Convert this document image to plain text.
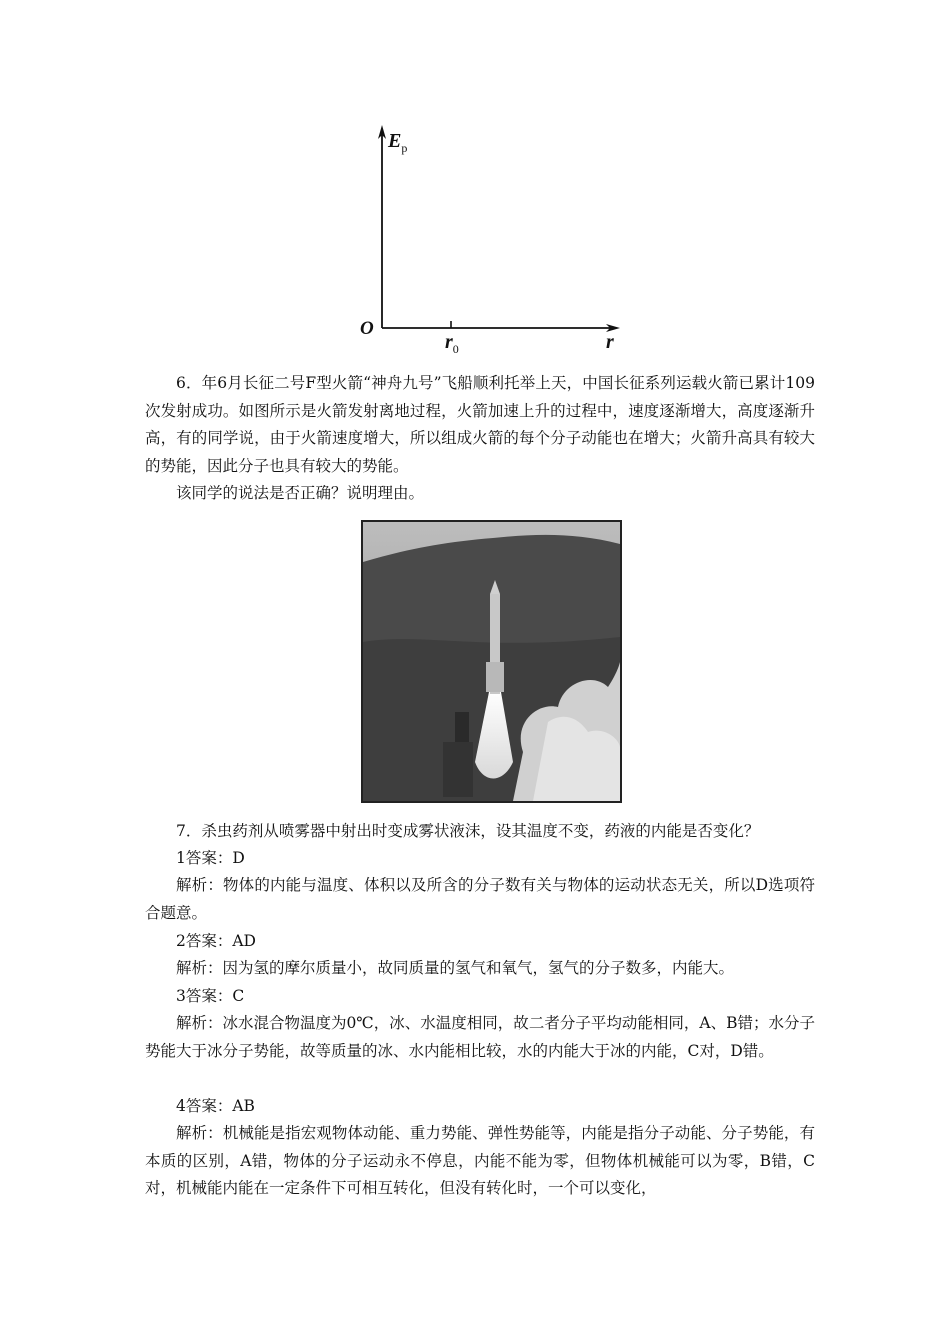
$E_p$
O
$r_0$	r

6．年6月长征二号F型火箭“神舟九号”飞船顺利托举上天，中国长征系列运载火箭已累计109次发射成功。如图所示是火箭发射离地过程，火箭加速上升的过程中，速度逐渐增大，高度逐渐升高，有的同学说，由于火箭速度增大，所以组成火箭的每个分子动能也在增大；火箭升高具有较大的势能，因此分子也具有较大的势能。

该同学的说法是否正确？说明理由。

7．杀虫药剂从喷雾器中射出时变成雾状液沫，设其温度不变，药液的内能是否变化？

1答案：D

解析：物体的内能与温度、体积以及所含的分子数有关与物体的运动状态无关，所以D选项符合题意。

2答案：AD

解析：因为氢的摩尔质量小，故同质量的氢气和氧气，氢气的分子数多，内能大。

3答案：C

解析：冰水混合物温度为0℃，冰、水温度相同，故二者分子平均动能相同，A、B错；水分子势能大于冰分子势能，故等质量的冰、水内能相比较，水的内能大于冰的内能，C对，D错。

4答案：AB

解析：机械能是指宏观物体动能、重力势能、弹性势能等，内能是指分子动能、分子势能，有本质的区别，A错，物体的分子运动永不停息，内能不能为零，但物体机械能可以为零，B错，C对，机械能内能在一定条件下可相互转化，但没有转化时，一个可以变化，
